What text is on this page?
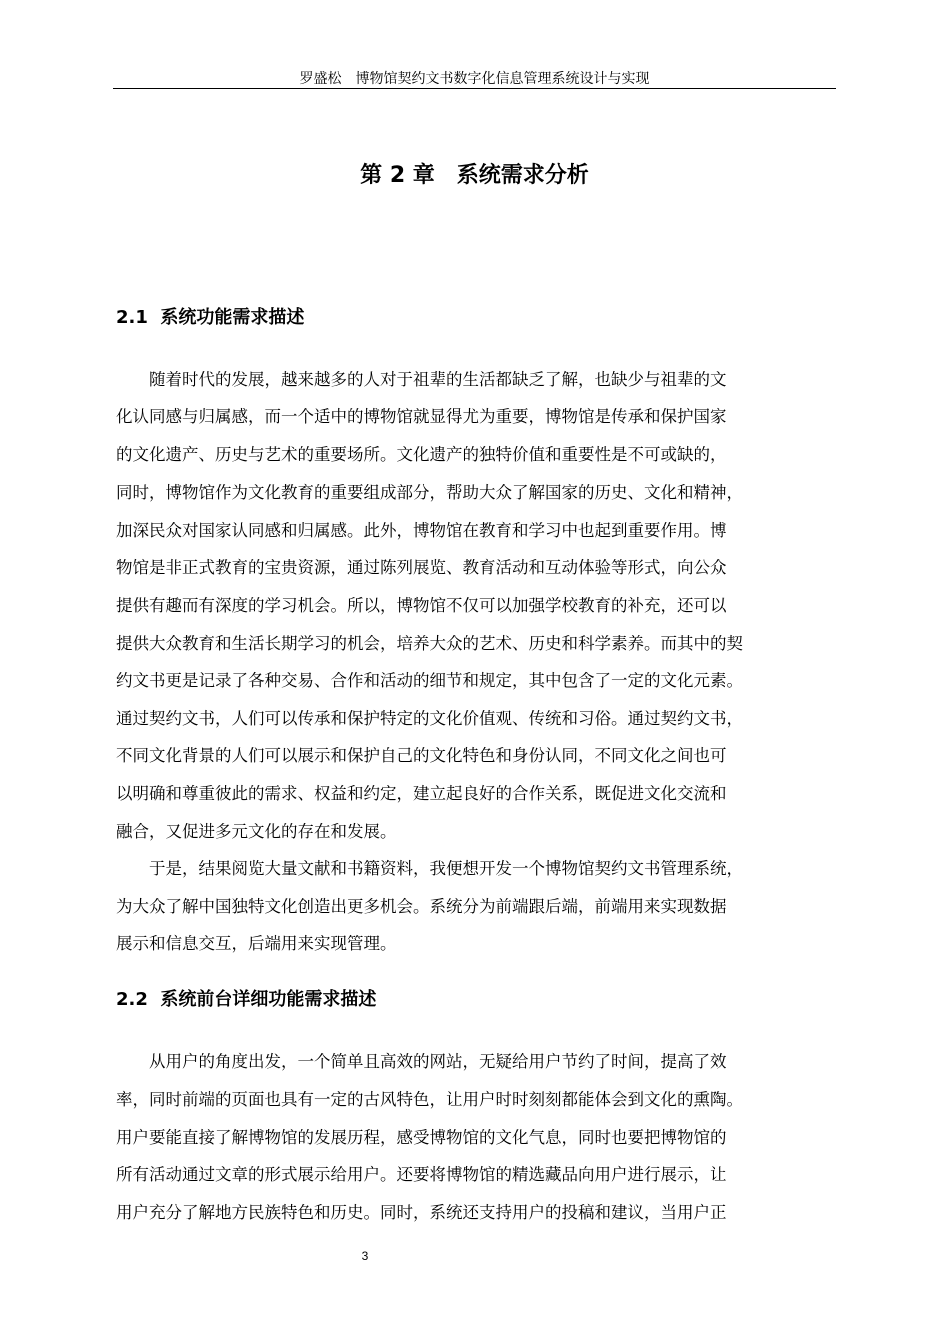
罗盛松　博物馆契约文书数字化信息管理系统设计与实现
第 2 章　系统需求分析
2.1  系统功能需求描述
　　随着时代的发展，越来越多的人对于祖辈的生活都缺乏了解，也缺少与祖辈的文
化认同感与归属感，而一个适中的博物馆就显得尤为重要，博物馆是传承和保护国家
的文化遗产、历史与艺术的重要场所。文化遗产的独特价值和重要性是不可或缺的，
同时，博物馆作为文化教育的重要组成部分，帮助大众了解国家的历史、文化和精神，
加深民众对国家认同感和归属感。此外，博物馆在教育和学习中也起到重要作用。博
物馆是非正式教育的宝贵资源，通过陈列展览、教育活动和互动体验等形式，向公众
提供有趣而有深度的学习机会。所以，博物馆不仅可以加强学校教育的补充，还可以
提供大众教育和生活长期学习的机会，培养大众的艺术、历史和科学素养。而其中的契
约文书更是记录了各种交易、合作和活动的细节和规定，其中包含了一定的文化元素。
通过契约文书，人们可以传承和保护特定的文化价值观、传统和习俗。通过契约文书，
不同文化背景的人们可以展示和保护自己的文化特色和身份认同，不同文化之间也可
以明确和尊重彼此的需求、权益和约定，建立起良好的合作关系，既促进文化交流和
融合，又促进多元文化的存在和发展。
　　于是，结果阅览大量文献和书籍资料，我便想开发一个博物馆契约文书管理系统，
为大众了解中国独特文化创造出更多机会。系统分为前端跟后端，前端用来实现数据
展示和信息交互，后端用来实现管理。
2.2  系统前台详细功能需求描述
　　从用户的角度出发，一个简单且高效的网站，无疑给用户节约了时间，提高了效
率，同时前端的页面也具有一定的古风特色，让用户时时刻刻都能体会到文化的熏陶。
用户要能直接了解博物馆的发展历程，感受博物馆的文化气息，同时也要把博物馆的
所有活动通过文章的形式展示给用户。还要将博物馆的精选藏品向用户进行展示，让
用户充分了解地方民族特色和历史。同时，系统还支持用户的投稿和建议，当用户正
3
